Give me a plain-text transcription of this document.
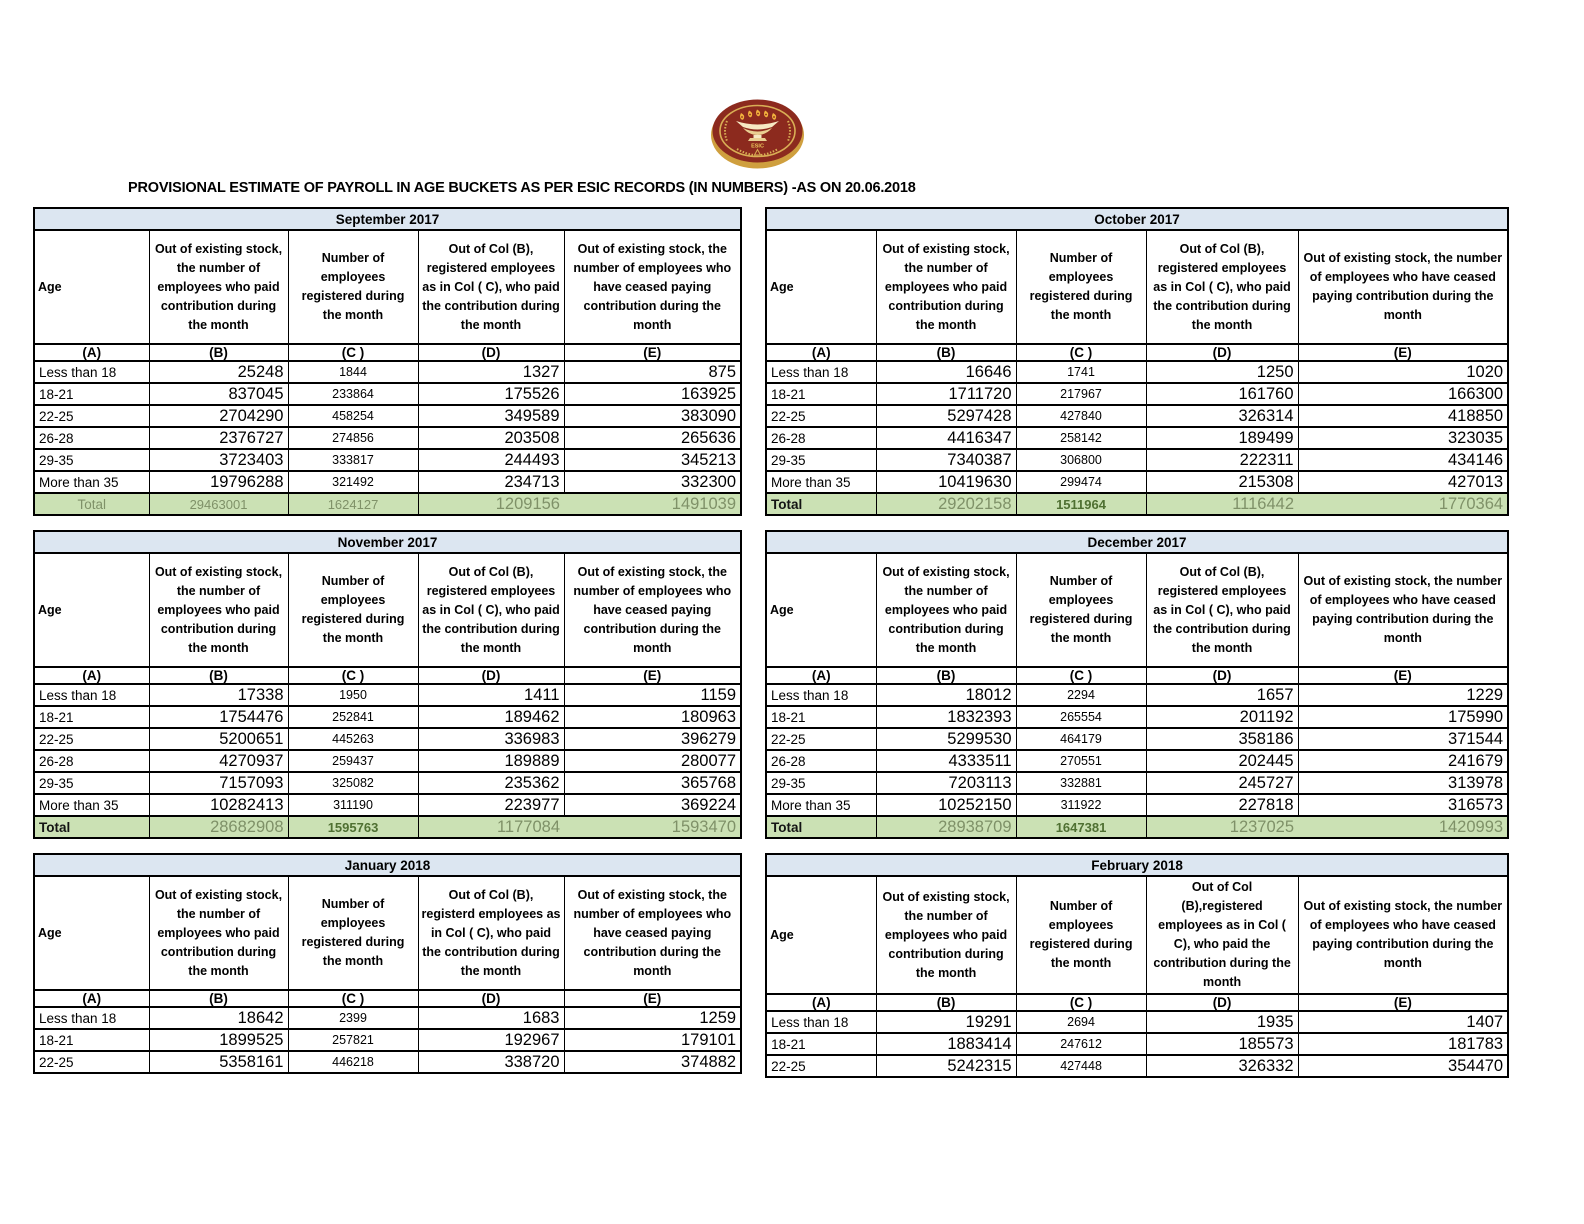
ESIC
PROVISIONAL ESTIMATE OF PAYROLL IN AGE BUCKETS AS PER ESIC RECORDS (IN NUMBERS) -AS ON 20.06.2018
September 2017				
Age	Out of existing stock, the number of employees who paid contribution during the month	Number of employees registered during the month	Out of Col (B), registered employees as in Col ( C), who paid the contribution during the month	Out of existing stock, the number of employees who have ceased paying contribution during the month
(A)	(B)	(C )	(D)	(E)
Less than 18	25248	1844	1327	875
18-21	837045	233864	175526	163925
22-25	2704290	458254	349589	383090
26-28	2376727	274856	203508	265636
29-35	3723403	333817	244493	345213
More than 35	19796288	321492	234713	332300
Total	29463001	1624127	1209156	1491039
October 2017				
Age	Out of existing stock, the number of employees who paid contribution during the month	Number of employees registered during the month	Out of Col (B), registered employees as in Col ( C), who paid the contribution during the month	Out of existing stock, the number of employees who have ceased paying contribution during the month
(A)	(B)	(C )	(D)	(E)
Less than 18	16646	1741	1250	1020
18-21	1711720	217967	161760	166300
22-25	5297428	427840	326314	418850
26-28	4416347	258142	189499	323035
29-35	7340387	306800	222311	434146
More than 35	10419630	299474	215308	427013
Total	29202158	1511964	1116442	1770364
November 2017				
Age	Out of existing stock, the number of employees who paid contribution during the month	Number of employees registered during the month	Out of Col (B), registered employees as in Col ( C), who paid the contribution during the month	Out of existing stock, the number of employees who have ceased paying contribution during the month
(A)	(B)	(C )	(D)	(E)
Less than 18	17338	1950	1411	1159
18-21	1754476	252841	189462	180963
22-25	5200651	445263	336983	396279
26-28	4270937	259437	189889	280077
29-35	7157093	325082	235362	365768
More than 35	10282413	311190	223977	369224
Total	28682908	1595763	1177084	1593470
December 2017				
Age	Out of existing stock, the number of employees who paid contribution during the month	Number of employees registered during the month	Out of Col (B), registered employees as in Col ( C), who paid the contribution during the month	Out of existing stock, the number of employees who have ceased paying contribution during the month
(A)	(B)	(C )	(D)	(E)
Less than 18	18012	2294	1657	1229
18-21	1832393	265554	201192	175990
22-25	5299530	464179	358186	371544
26-28	4333511	270551	202445	241679
29-35	7203113	332881	245727	313978
More than 35	10252150	311922	227818	316573
Total	28938709	1647381	1237025	1420993
January 2018				
Age	Out of existing stock, the number of employees who paid contribution during the month	Number of employees registered during the month	Out of Col (B), registerd employees as in Col ( C), who paid the contribution during the month	Out of existing stock, the number of employees who have ceased paying contribution during the month
(A)	(B)	(C )	(D)	(E)
Less than 18	18642	2399	1683	1259
18-21	1899525	257821	192967	179101
22-25	5358161	446218	338720	374882
February 2018				
Age	Out of existing stock, the number of employees who paid contribution during the month	Number of employees registered during the month	Out of Col (B),registered employees as in Col ( C), who paid the contribution during the month	Out of existing stock, the number of employees who have ceased paying contribution during the month
(A)	(B)	(C )	(D)	(E)
Less than 18	19291	2694	1935	1407
18-21	1883414	247612	185573	181783
22-25	5242315	427448	326332	354470
